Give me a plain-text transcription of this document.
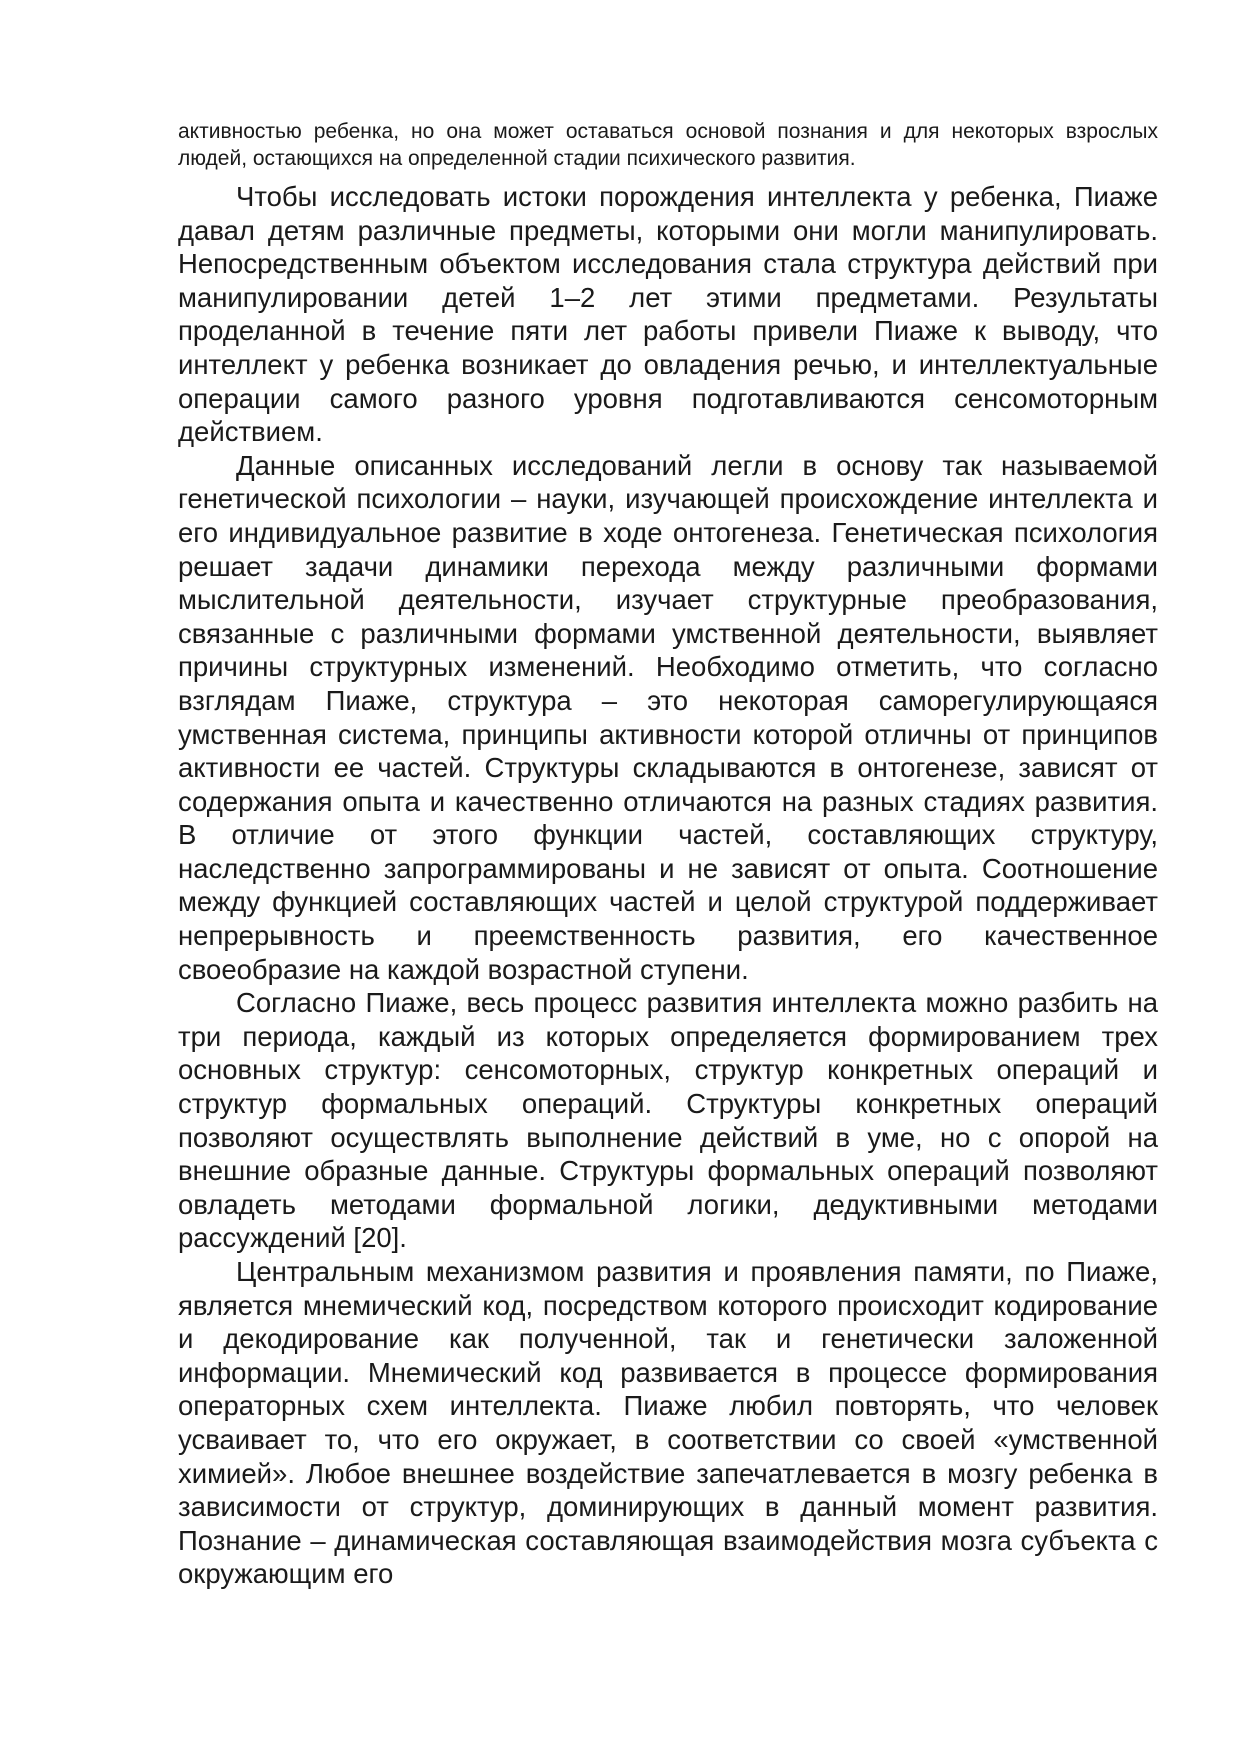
активностью ребенка, но она может оставаться основой познания и для некоторых взрослых людей, остающихся на определенной стадии психического развития.

Чтобы исследовать истоки порождения интеллекта у ребенка, Пиаже давал детям различные предметы, которыми они могли манипулировать. Непосредственным объектом исследования стала структура действий при манипулировании детей 1–2 лет этими предметами. Результаты проделанной в течение пяти лет работы привели Пиаже к выводу, что интеллект у ребенка возникает до овладения речью, и интеллектуальные операции самого разного уровня подготавливаются сенсомоторным действием.

Данные описанных исследований легли в основу так называемой генетической психологии – науки, изучающей происхождение интеллекта и его индивидуальное развитие в ходе онтогенеза. Генетическая психология решает задачи динамики перехода между различными формами мыслительной деятельности, изучает структурные преобразования, связанные с различными формами умственной деятельности, выявляет причины структурных изменений. Необходимо отметить, что согласно взглядам Пиаже, структура – это некоторая саморегулирующаяся умственная система, принципы активности которой отличны от принципов активности ее частей. Структуры складываются в онтогенезе, зависят от содержания опыта и качественно отличаются на разных стадиях развития. В отличие от этого функции частей, составляющих структуру, наследственно запрограммированы и не зависят от опыта. Соотношение между функцией составляющих частей и целой структурой поддерживает непрерывность и преемственность развития, его качественное своеобразие на каждой возрастной ступени.

Согласно Пиаже, весь процесс развития интеллекта можно разбить на три периода, каждый из которых определяется формированием трех основных структур: сенсомоторных, структур конкретных операций и структур формальных операций. Структуры конкретных операций позволяют осуществлять выполнение действий в уме, но с опорой на внешние образные данные. Структуры формальных операций позволяют овладеть методами формальной логики, дедуктивными методами рассуждений [20].

Центральным механизмом развития и проявления памяти, по Пиаже, является мнемический код, посредством которого происходит кодирование и декодирование как полученной, так и генетически заложенной информации. Мнемический код развивается в процессе формирования операторных схем интеллекта. Пиаже любил повторять, что человек усваивает то, что его окружает, в соответствии со своей «умственной химией». Любое внешнее воздействие запечатлевается в мозгу ребенка в зависимости от структур, доминирующих в данный момент развития. Познание – динамическая составляющая взаимодействия мозга субъекта с окружающим его
